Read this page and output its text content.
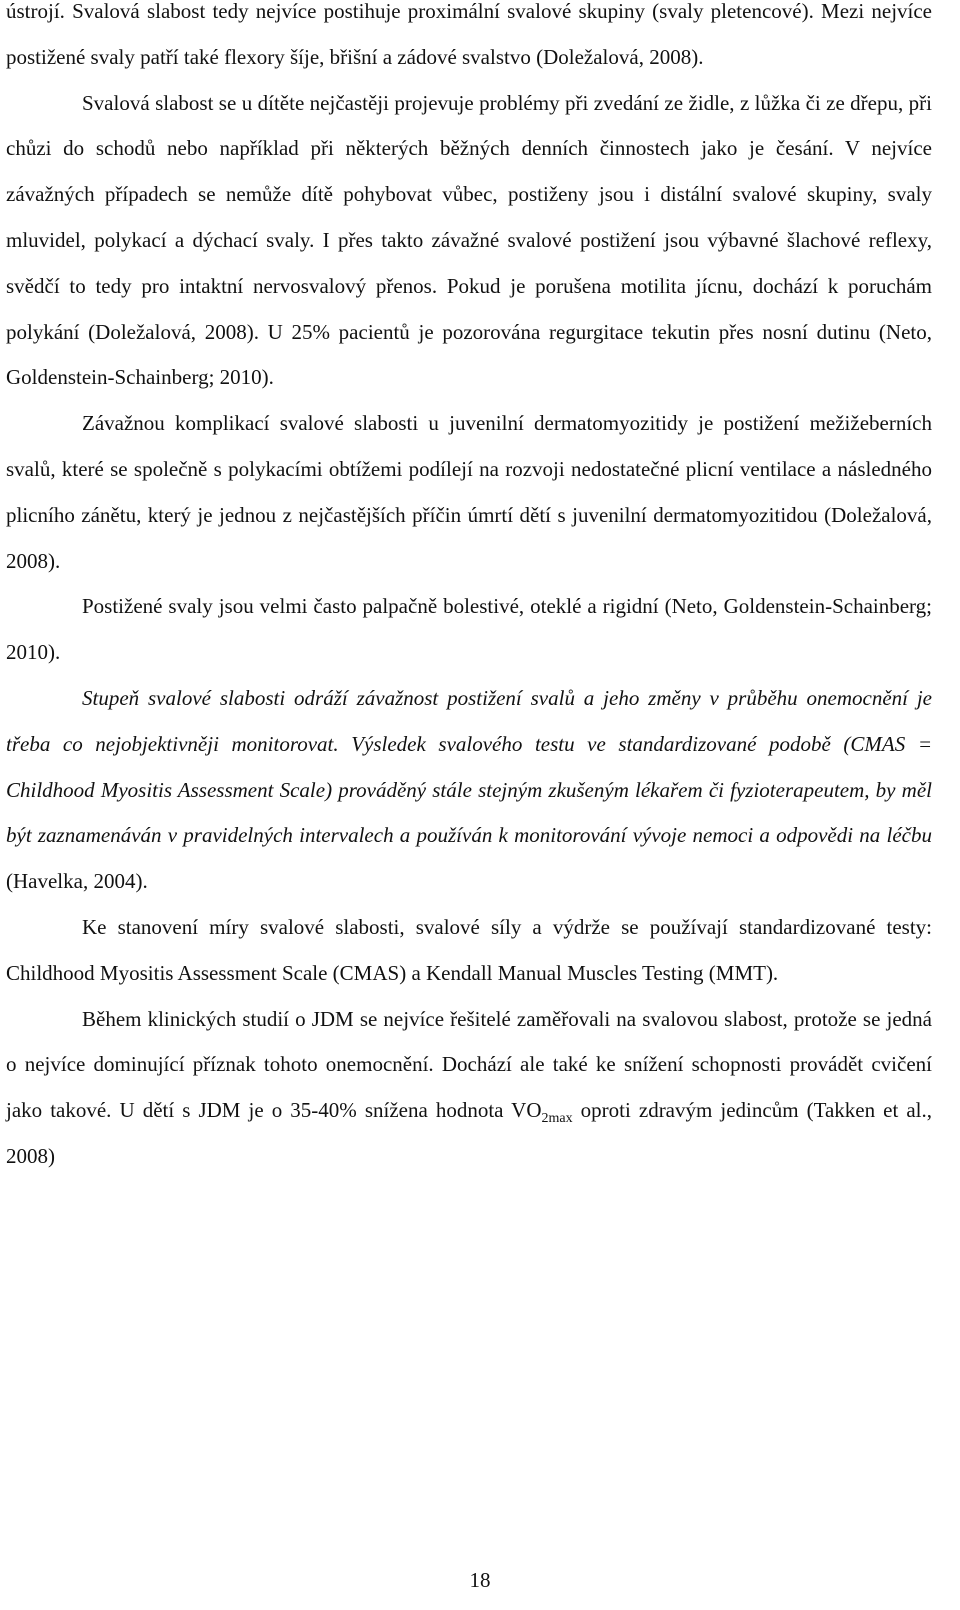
ústrojí. Svalová slabost tedy nejvíce postihuje proximální svalové skupiny (svaly pletencové). Mezi nejvíce postižené svaly patří také flexory šíje, břišní a zádové svalstvo (Doležalová, 2008).

Svalová slabost se u dítěte nejčastěji projevuje problémy při zvedání ze židle, z lůžka či ze dřepu, při chůzi do schodů nebo například při některých běžných denních činnostech jako je česání. V nejvíce závažných případech se nemůže dítě pohybovat vůbec, postiženy jsou i distální svalové skupiny, svaly mluvidel, polykací a dýchací svaly. I přes takto závažné svalové postižení jsou výbavné šlachové reflexy, svědčí to tedy pro intaktní nervosvalový přenos. Pokud je porušena motilita jícnu, dochází k poruchám polykání (Doležalová, 2008). U 25% pacientů je pozorována regurgitace tekutin přes nosní dutinu (Neto, Goldenstein-Schainberg; 2010).

Závažnou komplikací svalové slabosti u juvenilní dermatomyozitidy je postižení mežižeberních svalů, které se společně s polykacími obtížemi podílejí na rozvoji nedostatečné plicní ventilace a následného plicního zánětu, který je jednou z nejčastějších příčin úmrtí dětí s juvenilní dermatomyozitidou (Doležalová, 2008).

Postižené svaly jsou velmi často palpačně bolestivé, oteklé a rigidní (Neto, Goldenstein-Schainberg; 2010).

Stupeň svalové slabosti odráží závažnost postižení svalů a jeho změny v průběhu onemocnění je třeba co nejobjektivněji monitorovat. Výsledek svalového testu ve standardizované podobě (CMAS = Childhood Myositis Assessment Scale) prováděný stále stejným zkušeným lékařem či fyzioterapeutem, by měl být zaznamenáván v pravidelných intervalech a používán k monitorování vývoje nemoci a odpovědi na léčbu (Havelka, 2004).

Ke stanovení míry svalové slabosti, svalové síly a výdrže se používají standardizované testy: Childhood Myositis Assessment Scale (CMAS) a Kendall Manual Muscles Testing (MMT).

Během klinických studií o JDM se nejvíce řešitelé zaměřovali na svalovou slabost, protože se jedná o nejvíce dominující příznak tohoto onemocnění. Dochází ale také ke snížení schopnosti provádět cvičení jako takové. U dětí s JDM je o 35-40% snížena hodnota $VO_{2max}$ oproti zdravým jedincům (Takken et al., 2008)

18
